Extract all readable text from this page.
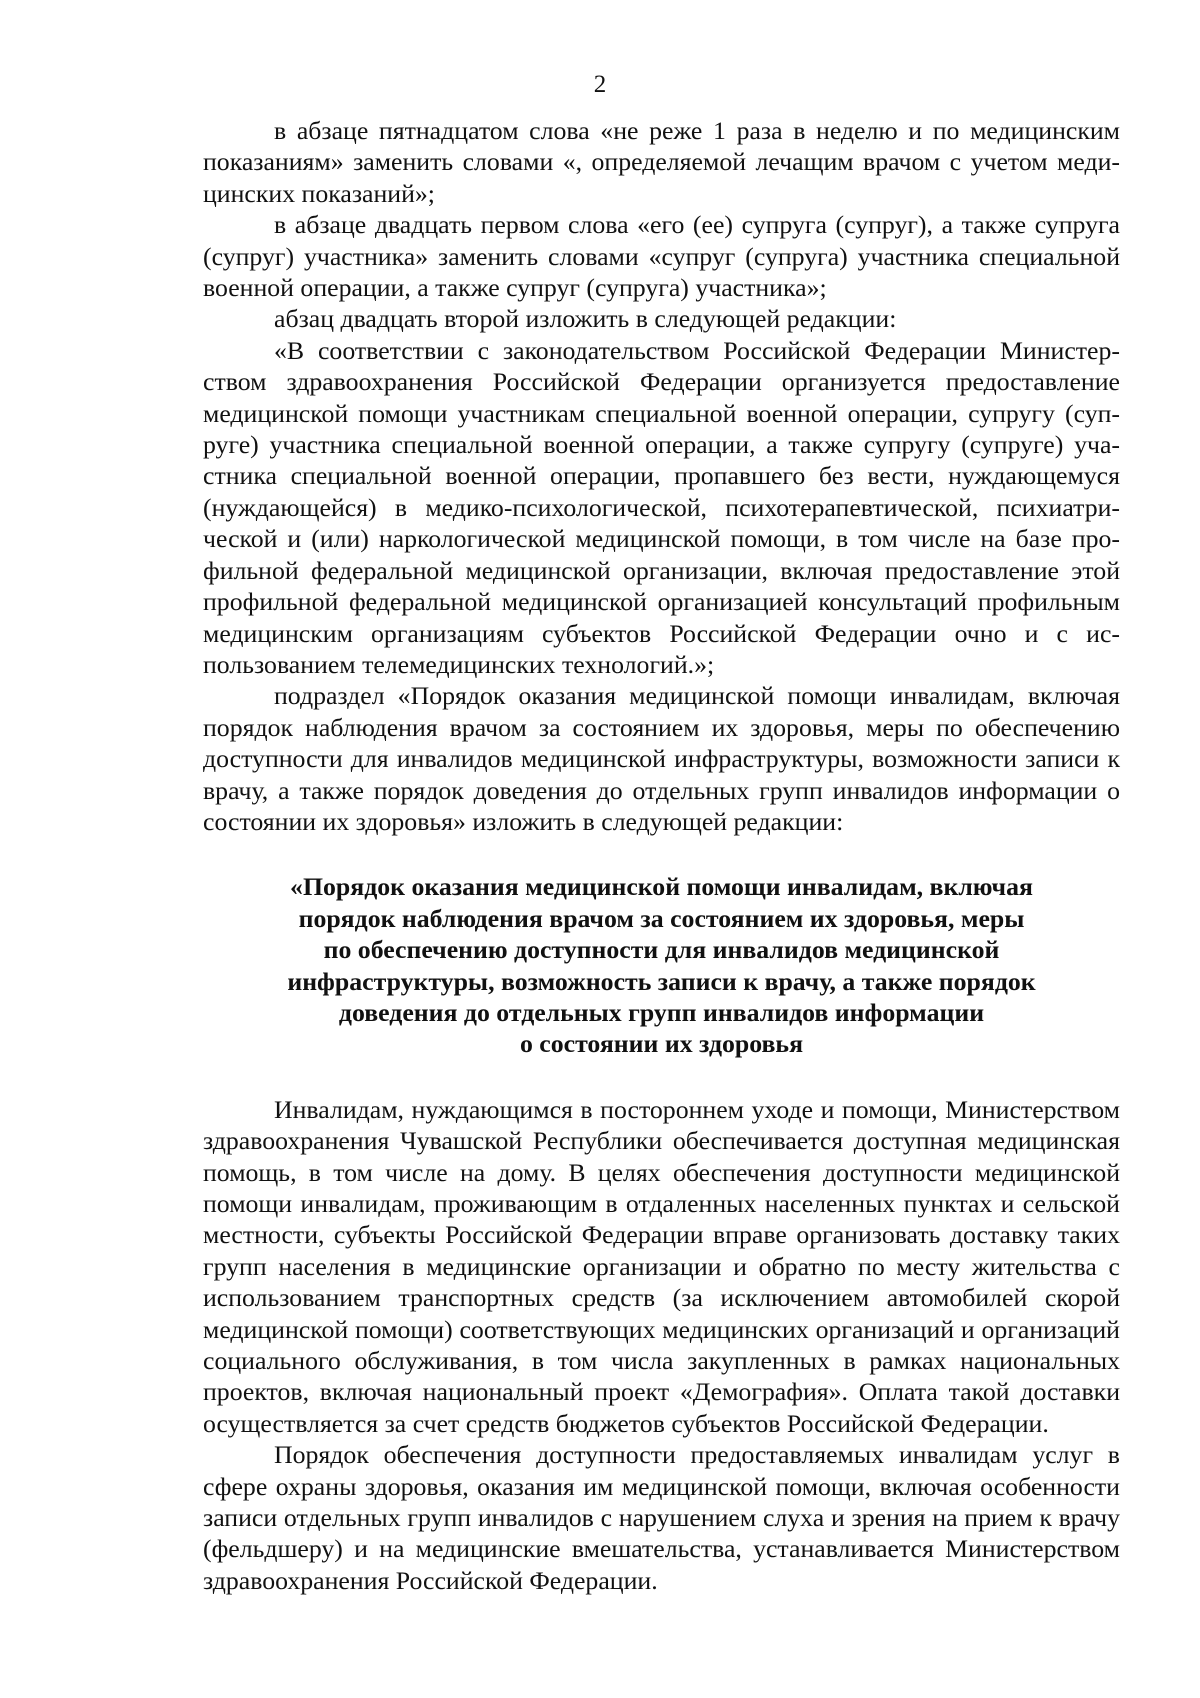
2

в абзаце пятнадцатом слова «не реже 1 раза в неделю и по медицинским показаниям» заменить словами «, определяемой лечащим врачом с учетом медицинских показаний»;

в абзаце двадцать первом слова «его (ее) супруга (супруг), а также супруга (супруг) участника» заменить словами «супруг (супруга) участника специальной военной операции, а также супруг (супруга) участника»;

абзац двадцать второй изложить в следующей редакции:

«В соответствии с законодательством Российской Федерации Министерством здравоохранения Российской Федерации организуется предоставление медицинской помощи участникам специальной военной операции, супругу (супруге) участника специальной военной операции, а также супругу (супруге) участника специальной военной операции, пропавшего без вести, нуждающемуся (нуждающейся) в медико-психологической, психотерапевтической, психиатрической и (или) наркологической медицинской помощи, в том числе на базе профильной федеральной медицинской организации, включая предоставление этой профильной федеральной медицинской организацией консультаций профильным медицинским организациям субъектов Российской Федерации очно и с использованием телемедицинских технологий.»;

подраздел «Порядок оказания медицинской помощи инвалидам, включая порядок наблюдения врачом за состоянием их здоровья, меры по обеспечению доступности для инвалидов медицинской инфраструктуры, возможности записи к врачу, а также порядок доведения до отдельных групп инвалидов информации о состоянии их здоровья» изложить в следующей редакции:

«Порядок оказания медицинской помощи инвалидам, включая
порядок наблюдения врачом за состоянием их здоровья, меры
по обеспечению доступности для инвалидов медицинской
инфраструктуры, возможность записи к врачу, а также порядок
доведения до отдельных групп инвалидов информации
о состоянии их здоровья

Инвалидам, нуждающимся в постороннем уходе и помощи, Министерством здравоохранения Чувашской Республики обеспечивается доступная медицинская помощь, в том числе на дому. В целях обеспечения доступности медицинской помощи инвалидам, проживающим в отдаленных населенных пунктах и сельской местности, субъекты Российской Федерации вправе организовать доставку таких групп населения в медицинские организации и обратно по месту жительства с использованием транспортных средств (за исключением автомобилей скорой медицинской помощи) соответствующих медицинских организаций и организаций социального обслуживания, в том числа закупленных в рамках национальных проектов, включая национальный проект «Демография». Оплата такой доставки осуществляется за счет средств бюджетов субъектов Российской Федерации.

Порядок обеспечения доступности предоставляемых инвалидам услуг в сфере охраны здоровья, оказания им медицинской помощи, включая особенности записи отдельных групп инвалидов с нарушением слуха и зрения на прием к врачу (фельдшеру) и на медицинские вмешательства, устанавливается Министерством здравоохранения Российской Федерации.
